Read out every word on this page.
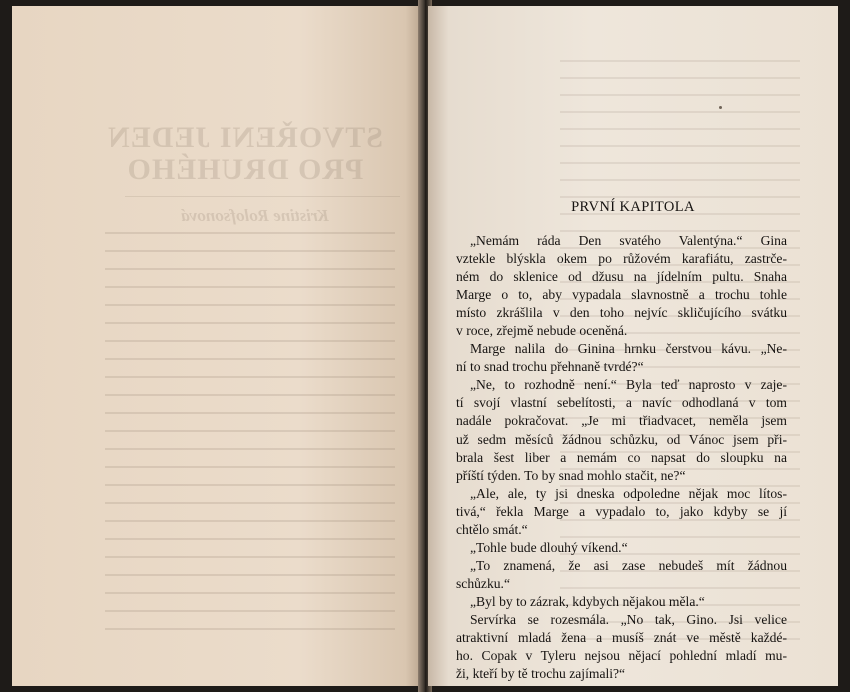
STVOŘENI JEDEN
PRO DRUHÉHO
Kristine Rolofsonová	PRVNÍ KAPITOLA
„Nemám ráda Den svatého Valentýna.“ Gina
vztekle blýskla okem po růžovém karafiátu, zastrče-
ném do sklenice od džusu na jídelním pultu. Snaha
Marge o to, aby vypadala slavnostně a trochu tohle
místo zkrášlila v den toho nejvíc skličujícího svátku
v roce, zřejmě nebude oceněná.
Marge nalila do Ginina hrnku čerstvou kávu. „Ne-
ní to snad trochu přehnaně tvrdé?“
„Ne, to rozhodně není.“ Byla teď naprosto v zaje-
tí svojí vlastní sebelítosti, a navíc odhodlaná v tom
nadále pokračovat. „Je mi třiadvacet, neměla jsem
už sedm měsíců žádnou schůzku, od Vánoc jsem při-
brala šest liber a nemám co napsat do sloupku na
příští týden. To by snad mohlo stačit, ne?“
„Ale, ale, ty jsi dneska odpoledne nějak moc lítos-
tivá,“ řekla Marge a vypadalo to, jako kdyby se jí
chtělo smát.“
„Tohle bude dlouhý víkend.“
„To znamená, že asi zase nebudeš mít žádnou
schůzku.“
„Byl by to zázrak, kdybych nějakou měla.“
Servírka se rozesmála. „No tak, Gino. Jsi velice
atraktivní mladá žena a musíš znát ve městě každé-
ho. Copak v Tyleru nejsou nějací pohlední mladí mu-
ži, kteří by tě trochu zajímali?“
